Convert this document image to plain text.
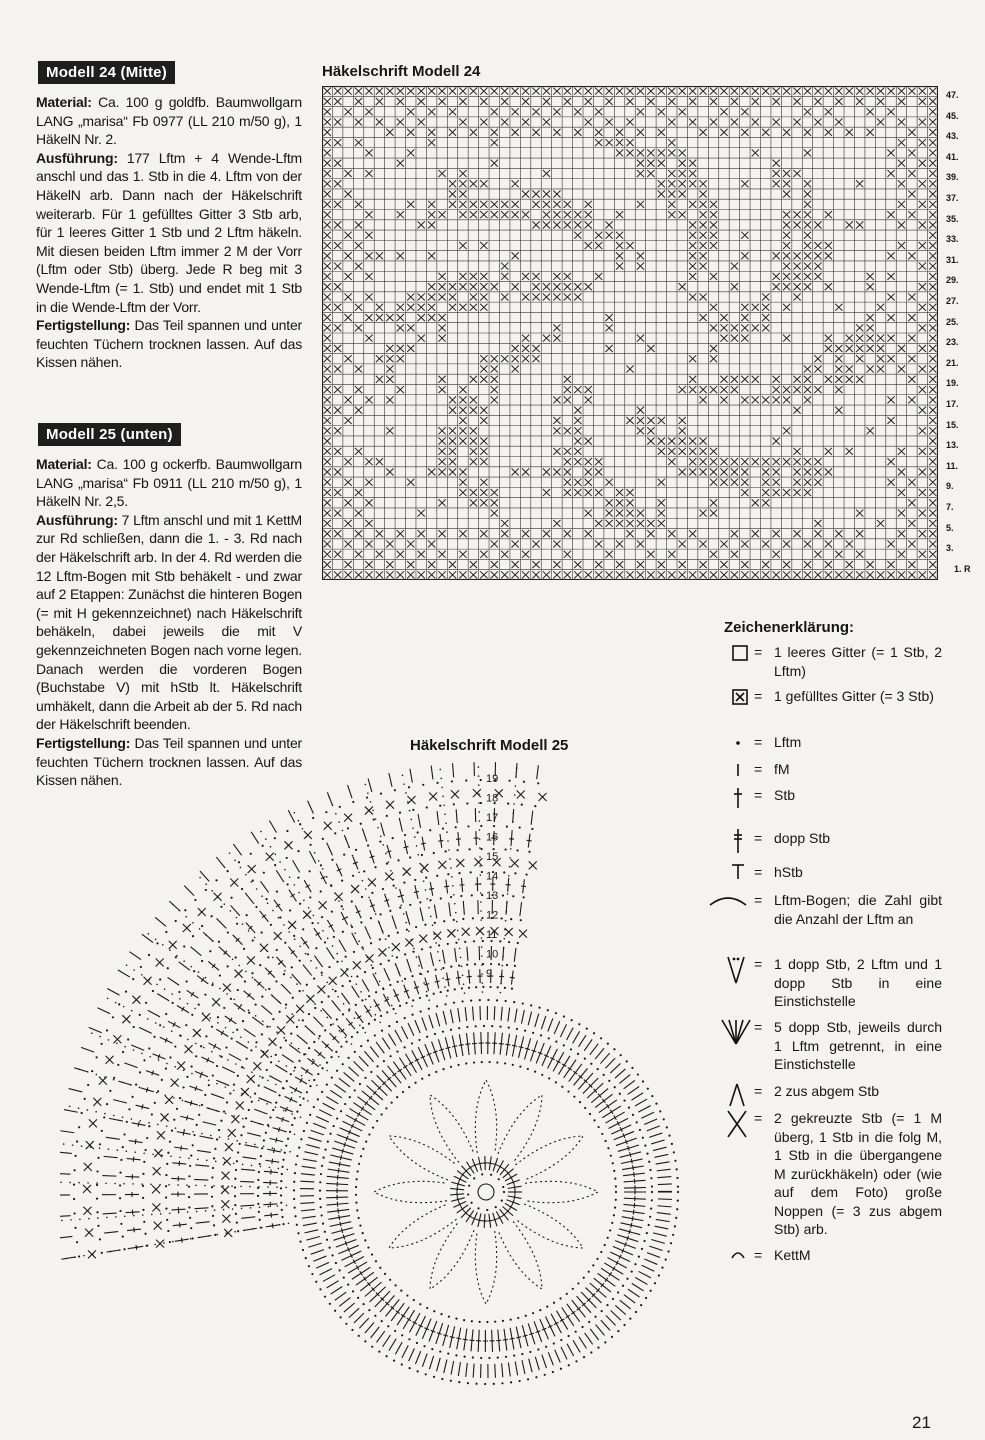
Modell 24 (Mitte)

Material: Ca. 100 g goldfb. Baumwollgarn LANG „marisa“ Fb 0977 (LL 210 m/50 g), 1 HäkelN Nr. 2.

Ausführung: 177 Lftm + 4 Wende-Lftm anschl und das 1. Stb in die 4. Lftm von der HäkelN arb. Dann nach der Häkelschrift weiterarb. Für 1 gefülltes Gitter 3 Stb arb, für 1 leeres Gitter 1 Stb und 2 Lftm häkeln. Mit diesen beiden Lftm immer 2 M der Vorr (Lftm oder Stb) überg. Jede R beg mit 3 Wende-Lftm (= 1. Stb) und endet mit 1 Stb in die Wende-Lftm der Vorr.

Fertigstellung: Das Teil spannen und unter feuchten Tüchern trocknen lassen. Auf das Kissen nähen.

Modell 25 (unten)

Material: Ca. 100 g ockerfb. Baumwollgarn LANG „marisa“ Fb 0911 (LL 210 m/50 g), 1 HäkelN Nr. 2,5.

Ausführung: 7 Lftm anschl und mit 1 KettM zur Rd schließen, dann die 1. - 3. Rd nach der Häkelschrift arb. In der 4. Rd werden die 12 Lftm-Bogen mit Stb behäkelt - und zwar auf 2 Etappen: Zunächst die hinteren Bogen (= mit H gekennzeichnet) nach Häkelschrift behäkeln, dabei jeweils die mit V gekennzeichneten Bogen nach vorne legen. Danach werden die vorderen Bogen (Buchstabe V) mit hStb lt. Häkelschrift umhäkelt, dann die Arbeit ab der 5. Rd nach der Häkelschrift beenden.

Fertigstellung: Das Teil spannen und unter feuchten Tüchern trocknen lassen. Auf das Kissen nähen.

Häkelschrift Modell 24
47.
45.
43.
41.
39.
37.
35.
33.
31.
29.
27.
25.
23.
21.
19.
17.
15.
13.
11.
9.
7.
5.
3.
1. R
Häkelschrift Modell 25
19
18
17
16
15
14
13
12
11
10
9
Zeichenerklärung:
= 1 leeres Gitter (= 1 Stb, 2 Lftm)
= 1 gefülltes Gitter (= 3 Stb)
= Lftm
= fM
= Stb
= dopp Stb
= hStb
= Lftm-Bogen; die Zahl gibt die Anzahl der Lftm an
= 1 dopp Stb, 2 Lftm und 1 dopp Stb in eine Einstichstelle
= 5 dopp Stb, jeweils durch 1 Lftm getrennt, in eine Einstichstelle
= 2 zus abgem Stb
= 2 gekreuzte Stb (= 1 M überg, 1 Stb in die folg M, 1 Stb in die übergangene M zurückhäkeln) oder (wie auf dem Foto) große Noppen (= 3 zus abgem Stb) arb.
= KettM
21
